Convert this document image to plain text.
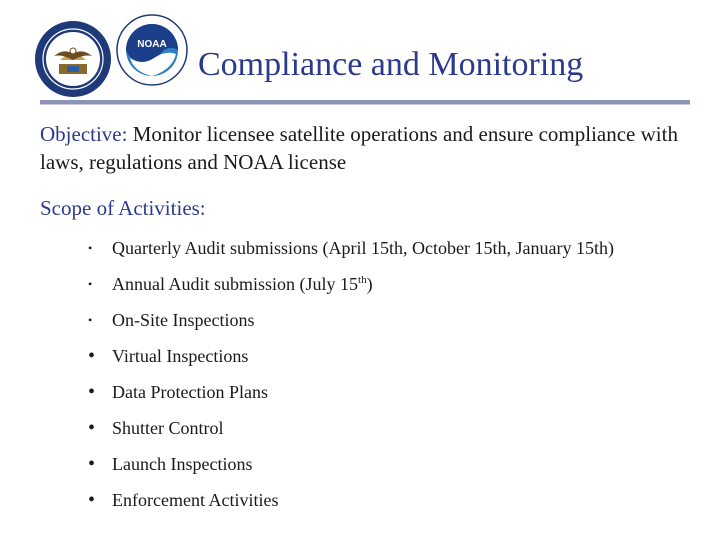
NOAA
Compliance and Monitoring
Objective: Monitor licensee satellite operations and ensure compliance with laws, regulations and NOAA license
Scope of Activities:
•	Quarterly Audit submissions (April 15th, October 15th, January 15th)
•	Annual Audit submission (July 15th)
•	On-Site Inspections
• Virtual Inspections
• Data Protection Plans
• Shutter Control
• Launch Inspections
• Enforcement Activities
